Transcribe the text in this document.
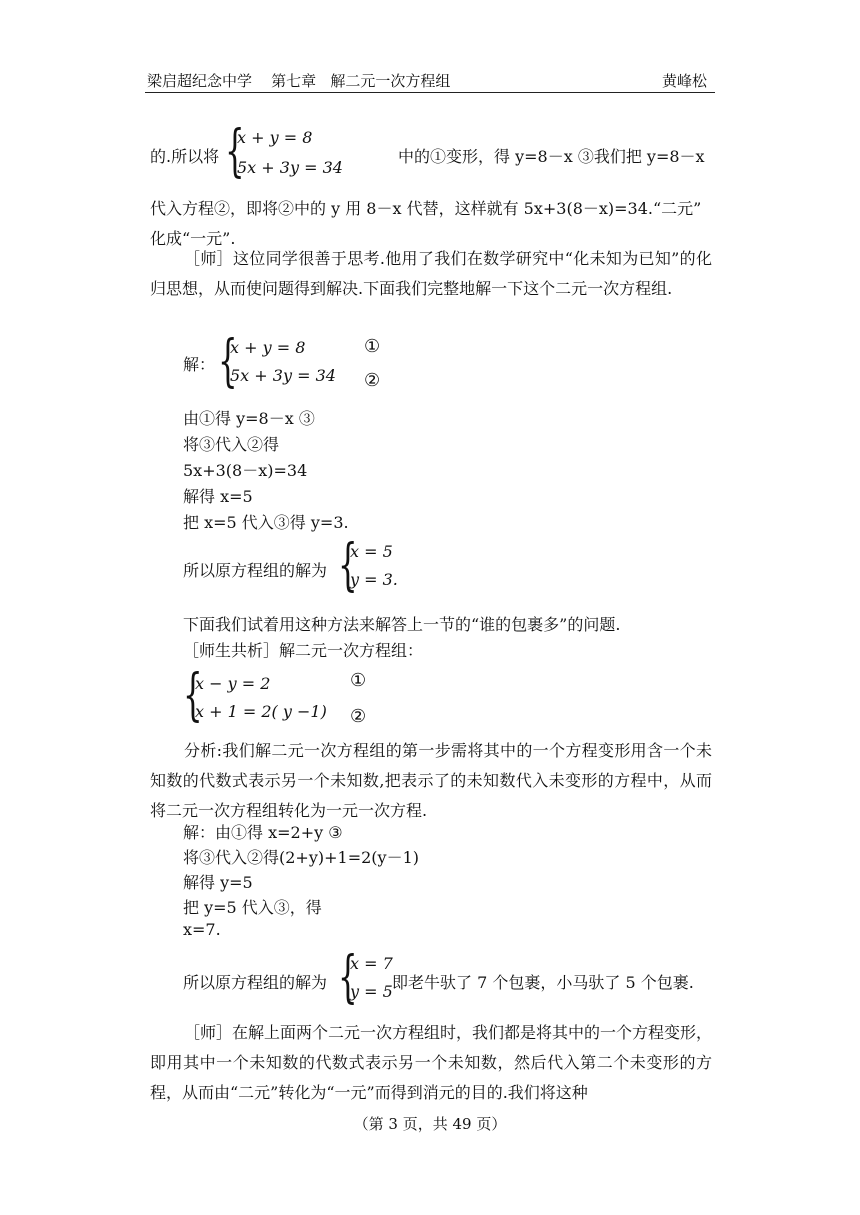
梁启超纪念中学    第七章   解二元一次方程组	黄峰松
的.所以将 {
x + y = 8
5x + 3y = 34
中的①变形，得 y=8－x ③我们把 y=8－x
代入方程②，即将②中的 y 用 8－x 代替，这样就有 5x+3(8－x)=34.“二元”
化成“一元”.
［师］这位同学很善于思考.他用了我们在数学研究中“化未知为已知”的化归思想，从而使问题得到解决.下面我们完整地解一下这个二元一次方程组.
解： {
x + y = 8
5x + 3y = 34
①
②
由①得 y=8－x ③
将③代入②得
5x+3(8－x)=34
解得 x=5
把 x=5 代入③得 y=3.
所以原方程组的解为 {
x = 5
y = 3.
下面我们试着用这种方法来解答上一节的“谁的包裹多”的问题.
［师生共析］解二元一次方程组：
{
x − y = 2
x + 1 = 2( y −1)
①
②
分析:我们解二元一次方程组的第一步需将其中的一个方程变形用含一个未知数的代数式表示另一个未知数,把表示了的未知数代入未变形的方程中，从而将二元一次方程组转化为一元一次方程.
解：由①得 x=2+y ③
将③代入②得(2+y)+1=2(y－1)
解得 y=5
把 y=5 代入③，得
x=7.
所以原方程组的解为 {
x = 7
y = 5 即老牛驮了 7 个包裹，小马驮了 5 个包裹.
［师］在解上面两个二元一次方程组时，我们都是将其中的一个方程变形，即用其中一个未知数的代数式表示另一个未知数，然后代入第二个未变形的方程，从而由“二元”转化为“一元”而得到消元的目的.我们将这种
（第 3 页，共 49 页）
